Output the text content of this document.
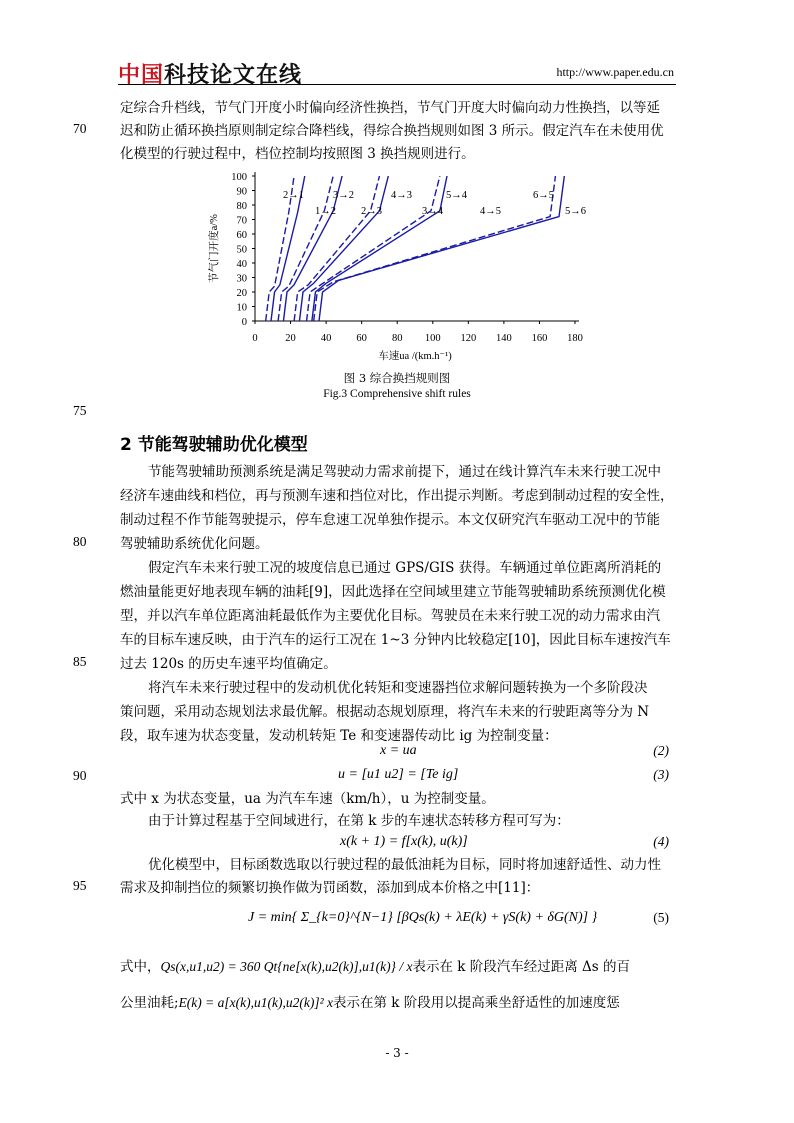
中国科技论文在线	http://www.paper.edu.cn
定综合升档线，节气门开度小时偏向经济性换挡，节气门开度大时偏向动力性换挡，以等延
70 迟和防止循环换挡原则制定综合降档线，得综合换挡规则如图 3 所示。假定汽车在未使用优
化模型的行驶过程中，档位控制均按照图 3 换挡规则进行。
0	20 40 60 80 100 120 140 160 180
0
10
20
30
40
50
60
70
80
90
100
车速ua /(km.h⁻¹)
节气门开度a/%
2→1
1→2
3→2
2→3
4→3
3→4
5→4
4→5
6→5
5→6
图 3 综合换挡规则图
Fig.3 Comprehensive shift rules
75
2 节能驾驶辅助优化模型
节能驾驶辅助预测系统是满足驾驶动力需求前提下，通过在线计算汽车未来行驶工况中
经济车速曲线和档位，再与预测车速和挡位对比，作出提示判断。考虑到制动过程的安全性，
制动过程不作节能驾驶提示，停车怠速工况单独作提示。本文仅研究汽车驱动工况中的节能
80 驾驶辅助系统优化问题。
假定汽车未来行驶工况的坡度信息已通过 GPS/GIS 获得。车辆通过单位距离所消耗的
燃油量能更好地表现车辆的油耗[9]，因此选择在空间域里建立节能驾驶辅助系统预测优化模
型，并以汽车单位距离油耗最低作为主要优化目标。驾驶员在未来行驶工况的动力需求由汽
车的目标车速反映，由于汽车的运行工况在 1~3 分钟内比较稳定[10]，因此目标车速按汽车
85 过去 120s 的历史车速平均值确定。
将汽车未来行驶过程中的发动机优化转矩和变速器挡位求解问题转换为一个多阶段决
策问题，采用动态规划法求最优解。根据动态规划原理，将汽车未来的行驶距离等分为 N
段，取车速为状态变量，发动机转矩 Te 和变速器传动比 ig 为控制变量：
x = ua	(2)
90	u = [u1 u2] = [Te ig]	(3)
式中 x 为状态变量，ua 为汽车车速（km/h），u 为控制变量。
由于计算过程基于空间域进行，在第 k 步的车速状态转移方程可写为：
x(k + 1) = f[x(k), u(k)]	(4)
优化模型中，目标函数选取以行驶过程的最低油耗为目标，同时将加速舒适性、动力性
95 需求及抑制挡位的频繁切换作做为罚函数，添加到成本价格之中[11]：
J = min{ Σ_{k=0}^{N−1} [βQs(k) + λE(k) + γS(k) + δG(N)] }	(5)
式中，Qs(x,u1,u2) = 360 Qt{ne[x(k),u2(k)],u1(k)} / x表示在 k 阶段汽车经过距离 Δs 的百
公里油耗;E(k) = a[x(k),u1(k),u2(k)]² x表示在第 k 阶段用以提高乘坐舒适性的加速度惩
- 3 -
